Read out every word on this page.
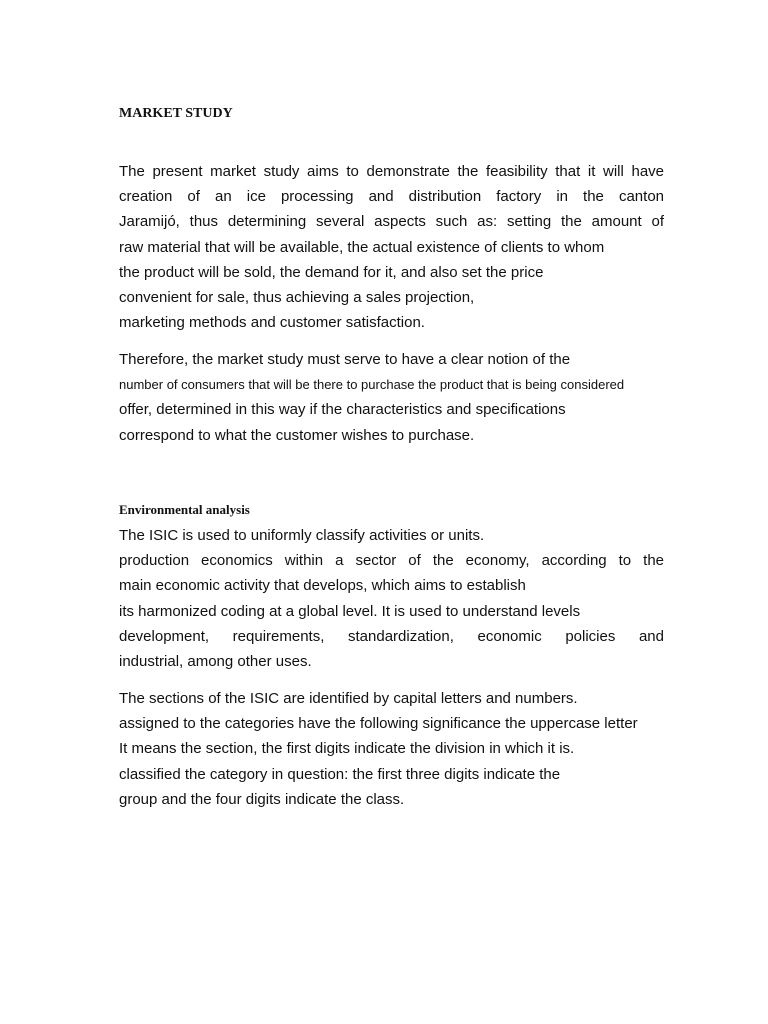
MARKET STUDY
The present market study aims to demonstrate the feasibility that it will have
creation of an ice processing and distribution factory in the canton
Jaramijó, thus determining several aspects such as: setting the amount of
raw material that will be available, the actual existence of clients to whom
the product will be sold, the demand for it, and also set the price
convenient for sale, thus achieving a sales projection,
marketing methods and customer satisfaction.
Therefore, the market study must serve to have a clear notion of the
number of consumers that will be there to purchase the product that is being considered
offer, determined in this way if the characteristics and specifications
correspond to what the customer wishes to purchase.
Environmental analysis
The ISIC is used to uniformly classify activities or units.
production economics within a sector of the economy, according to the
main economic activity that develops, which aims to establish
its harmonized coding at a global level. It is used to understand levels
development, requirements, standardization, economic policies and
industrial, among other uses.
The sections of the ISIC are identified by capital letters and numbers.
assigned to the categories have the following significance the uppercase letter
It means the section, the first digits indicate the division in which it is.
classified the category in question: the first three digits indicate the
group and the four digits indicate the class.
